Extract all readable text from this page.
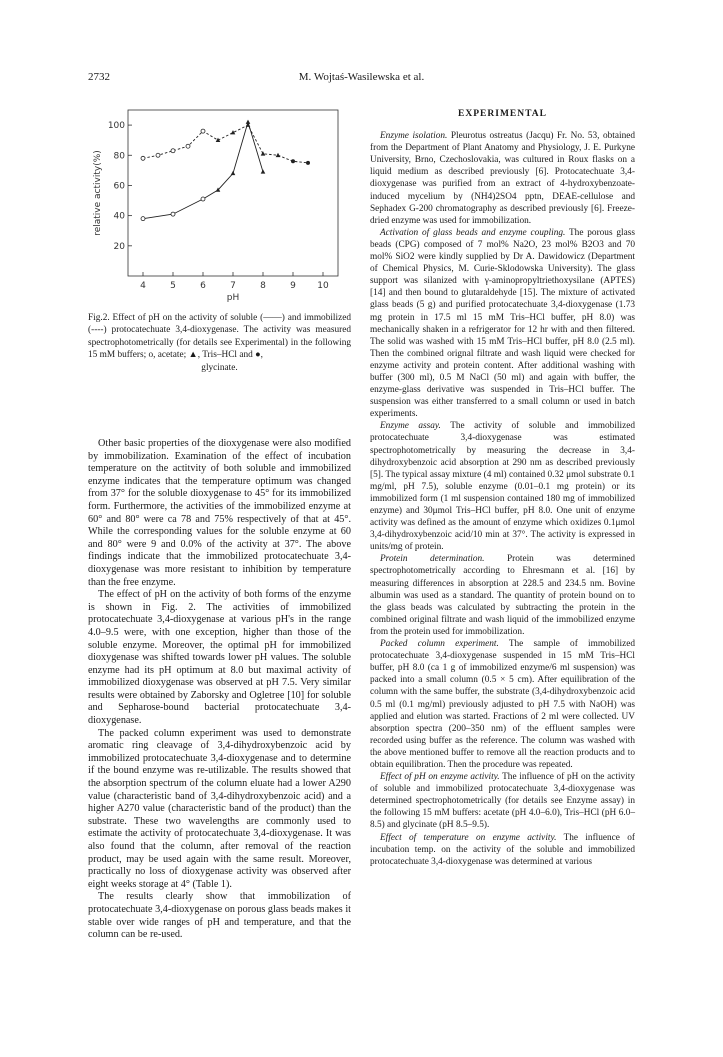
2732	M. Wojtaś-Wasilewska et al.
4	5	6	7	8	9 10
20
40
60
80
100
pH
relative activity(%)
Fig.2. Effect of pH on the activity of soluble (——) and immobilized (----) protocatechuate 3,4-dioxygenase. The activity was measured spectrophotometrically (for details see Experimental) in the following 15 mM buffers; o, acetate; ▲, Tris–HCl and ●,
glycinate.

Other basic properties of the dioxygenase were also modified by immobilization. Examination of the effect of incubation temperature on the actitvity of both soluble and immobilized enzyme indicates that the temperature optimum was changed from 37° for the soluble dioxygenase to 45° for its immobilized form. Furthermore, the activities of the immobilized enzyme at 60° and 80° were ca 78 and 75% respectively of that at 45°. While the corresponding values for the soluble enzyme at 60 and 80° were 9 and 0.0% of the activity at 37°. The above findings indicate that the immobilized protocatechuate 3,4-dioxygenase was more resistant to inhibition by temperature than the free enzyme.

The effect of pH on the activity of both forms of the enzyme is shown in Fig. 2. The activities of immobilized protocatechuate 3,4-dioxygenase at various pH's in the range 4.0–9.5 were, with one exception, higher than those of the soluble enzyme. Moreover, the optimal pH for immobilized dioxygenase was shifted towards lower pH values. The soluble enzyme had its pH optimum at 8.0 but maximal activity of immobilized dioxygenase was observed at pH 7.5. Very similar results were obtained by Zaborsky and Ogletree [10] for soluble and Sepharose-bound bacterial protocatechuate 3,4-dioxygenase.

The packed column experiment was used to demonstrate aromatic ring cleavage of 3,4-dihydroxybenzoic acid by immobilized protocatechuate 3,4-dioxygenase and to determine if the bound enzyme was re-utilizable. The results showed that the absorption spectrum of the column eluate had a lower A290 value (characteristic band of 3,4-dihydroxybenzoic acid) and a higher A270 value (characteristic band of the product) than the substrate. These two wavelengths are commonly used to estimate the activity of protocatechuate 3,4-dioxygenase. It was also found that the column, after removal of the reaction product, may be used again with the same result. Moreover, practically no loss of dioxygenase activity was observed after eight weeks storage at 4° (Table 1).

The results clearly show that immobilization of protocatechuate 3,4-dioxygenase on porous glass beads makes it stable over wide ranges of pH and temperature, and that the column can be re-used.

EXPERIMENTAL

Enzyme isolation. Pleurotus ostreatus (Jacqu) Fr. No. 53, obtained from the Department of Plant Anatomy and Physiology, J. E. Purkyne University, Brno, Czechoslovakia, was cultured in Roux flasks on a liquid medium as described previously [6]. Protocatechuate 3,4-dioxygenase was purified from an extract of 4-hydroxybenzoate-induced mycelium by (NH4)2SO4 pptn, DEAE-cellulose and Sephadex G-200 chromatography as described previously [6]. Freeze-dried enzyme was used for immobilization.

Activation of glass beads and enzyme coupling. The porous glass beads (CPG) composed of 7 mol% Na2O, 23 mol% B2O3 and 70 mol% SiO2 were kindly supplied by Dr A. Dawidowicz (Department of Chemical Physics, M. Curie-Sklodowska University). The glass support was silanized with γ-aminopropyltriethoxysilane (APTES) [14] and then bound to glutaraldehyde [15]. The mixture of activated glass beads (5 g) and purified protocatechuate 3,4-dioxygenase (1.73 mg protein in 17.5 ml 15 mM Tris–HCl buffer, pH 8.0) was mechanically shaken in a refrigerator for 12 hr with and then filtered. The solid was washed with 15 mM Tris–HCl buffer, pH 8.0 (2.5 ml). Then the combined orignal filtrate and wash liquid were checked for enzyme activity and protein content. After additional washing with buffer (300 ml), 0.5 M NaCl (50 ml) and again with buffer, the enzyme-glass derivative was suspended in Tris–HCl buffer. The suspension was either transferred to a small column or used in batch experiments.

Enzyme assay. The activity of soluble and immobilized protocatechuate 3,4-dioxygenase was estimated spectrophotometrically by measuring the decrease in 3,4-dihydroxybenzoic acid absorption at 290 nm as described previously [5]. The typical assay mixture (4 ml) contained 0.32 μmol substrate 0.1 mg/ml, pH 7.5), soluble enzyme (0.01–0.1 mg protein) or its immobilized form (1 ml suspension contained 180 mg of immobilized enzyme) and 30μmol Tris–HCl buffer, pH 8.0. One unit of enzyme activity was defined as the amount of enzyme which oxidizes 0.1μmol 3,4-dihydroxybenzoic acid/10 min at 37°. The activity is expressed in units/mg of protein.

Protein determination. Protein was determined spectrophotometrically according to Ehresmann et al. [16] by measuring differences in absorption at 228.5 and 234.5 nm. Bovine albumin was used as a standard. The quantity of protein bound on to the glass beads was calculated by subtracting the protein in the combined original filtrate and wash liquid of the immobilized enzyme from the protein used for immobilization.

Packed column experiment. The sample of immobilized protocatechuate 3,4-dioxygenase suspended in 15 mM Tris–HCl buffer, pH 8.0 (ca 1 g of immobilized enzyme/6 ml suspension) was packed into a small column (0.5 × 5 cm). After equilibration of the column with the same buffer, the substrate (3,4-dihydroxybenzoic acid 0.5 ml (0.1 mg/ml) previously adjusted to pH 7.5 with NaOH) was applied and elution was started. Fractions of 2 ml were collected. UV absorption spectra (200–350 nm) of the effluent samples were recorded using buffer as the reference. The column was washed with the above mentioned buffer to remove all the reaction products and to obtain equilibration. Then the procedure was repeated.

Effect of pH on enzyme activity. The influence of pH on the activity of soluble and immobilized protocatechuate 3,4-dioxygenase was determined spectrophotometrically (for details see Enzyme assay) in the following 15 mM buffers: acetate (pH 4.0–6.0), Tris–HCl (pH 6.0–8.5) and glycinate (pH 8.5–9.5).

Effect of temperature on enzyme activity. The influence of incubation temp. on the activity of the soluble and immobilized protocatechuate 3,4-dioxygenase was determined at various
